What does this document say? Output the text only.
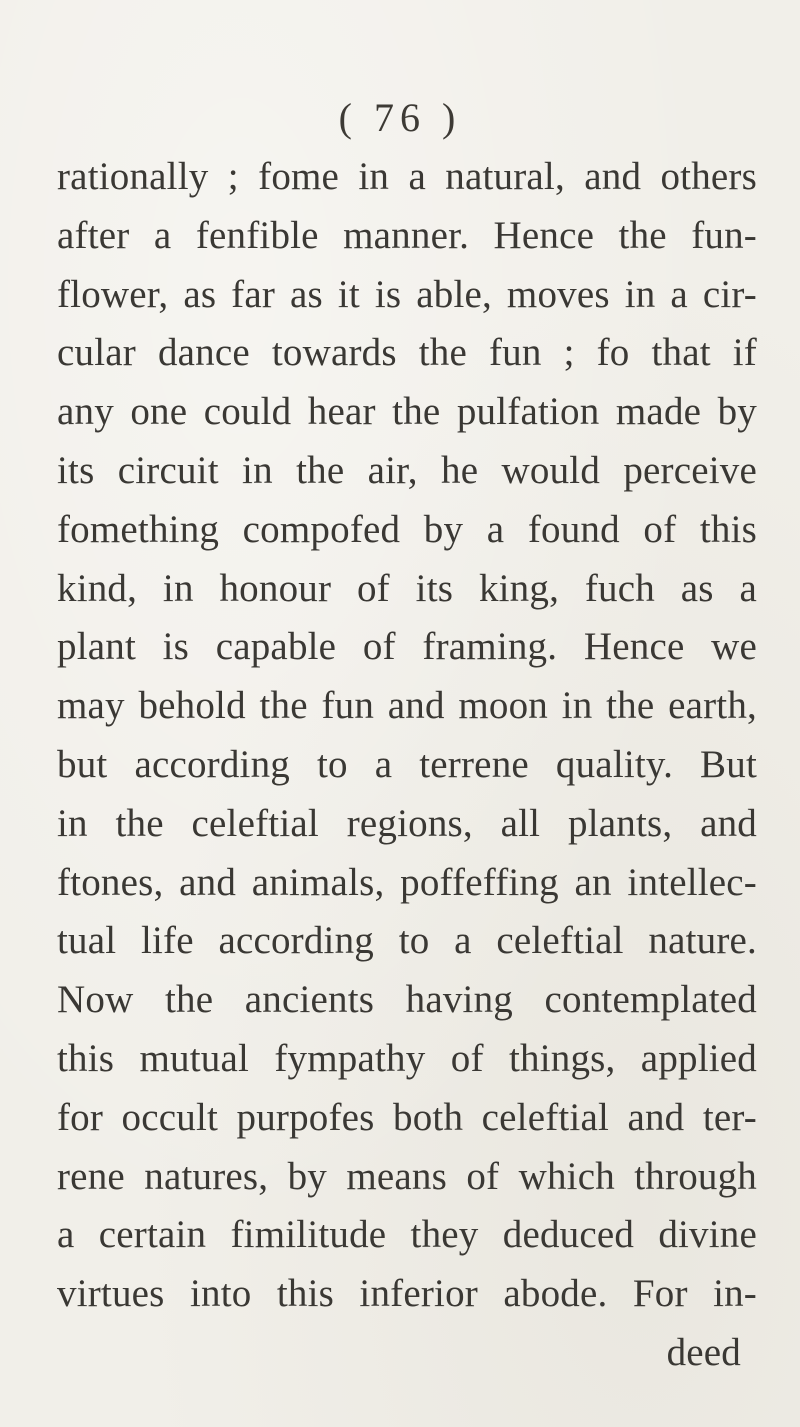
( 76 )
rationally ; fome in a natural, and others
after a fenfible manner. Hence the fun-
flower, as far as it is able, moves in a cir-
cular dance towards the fun ; fo that if
any one could hear the pulfation made by
its circuit in the air, he would perceive
fomething compofed by a found of this
kind, in honour of its king, fuch as a
plant is capable of framing. Hence we
may behold the fun and moon in the earth,
but according to a terrene quality. But
in the celeftial regions, all plants, and
ftones, and animals, poffeffing an intellec-
tual life according to a celeftial nature.
Now the ancients having contemplated
this mutual fympathy of things, applied
for occult purpofes both celeftial and ter-
rene natures, by means of which through
a certain fimilitude they deduced divine
virtues into this inferior abode. For in-
deed
